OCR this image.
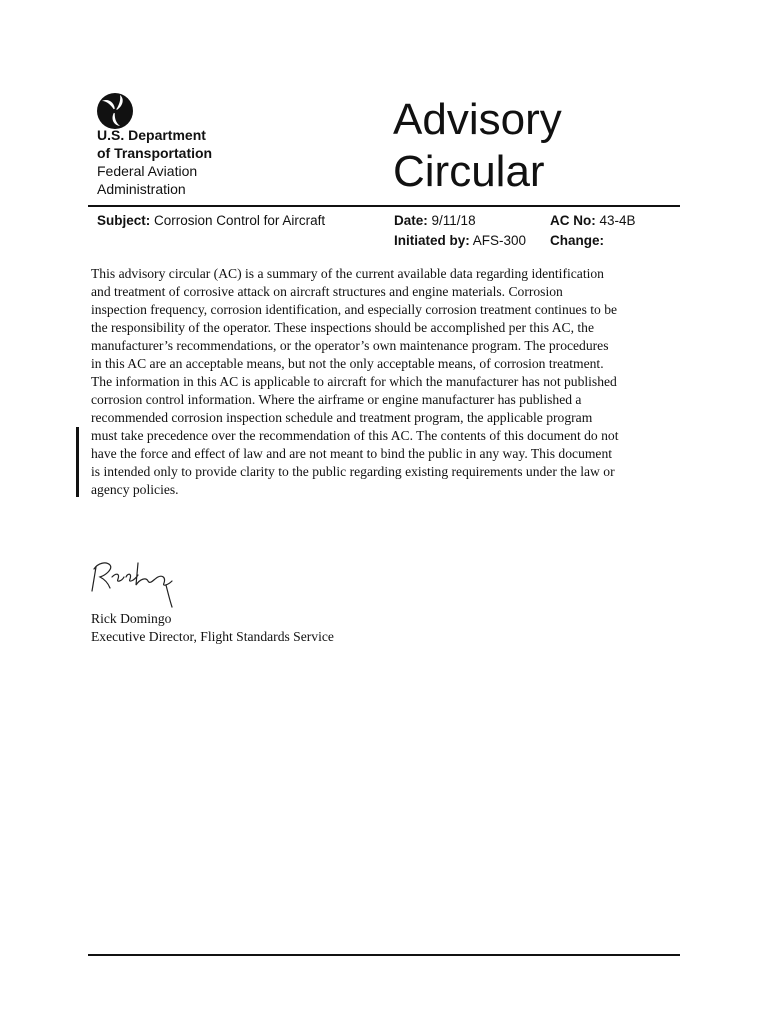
U.S. Department
of Transportation
Federal Aviation
Administration
Advisory
Circular
Subject: Corrosion Control for Aircraft	Date: 9/11/18	AC No: 43-4B
Initiated by: AFS-300 Change:
This advisory circular (AC) is a summary of the current available data regarding identification
and treatment of corrosive attack on aircraft structures and engine materials. Corrosion
inspection frequency, corrosion identification, and especially corrosion treatment continues to be
the responsibility of the operator. These inspections should be accomplished per this AC, the
manufacturer’s recommendations, or the operator’s own maintenance program. The procedures
in this AC are an acceptable means, but not the only acceptable means, of corrosion treatment.
The information in this AC is applicable to aircraft for which the manufacturer has not published
corrosion control information. Where the airframe or engine manufacturer has published a
recommended corrosion inspection schedule and treatment program, the applicable program
must take precedence over the recommendation of this AC. The contents of this document do not
have the force and effect of law and are not meant to bind the public in any way. This document
is intended only to provide clarity to the public regarding existing requirements under the law or
agency policies.
Rick Domingo
Executive Director, Flight Standards Service
